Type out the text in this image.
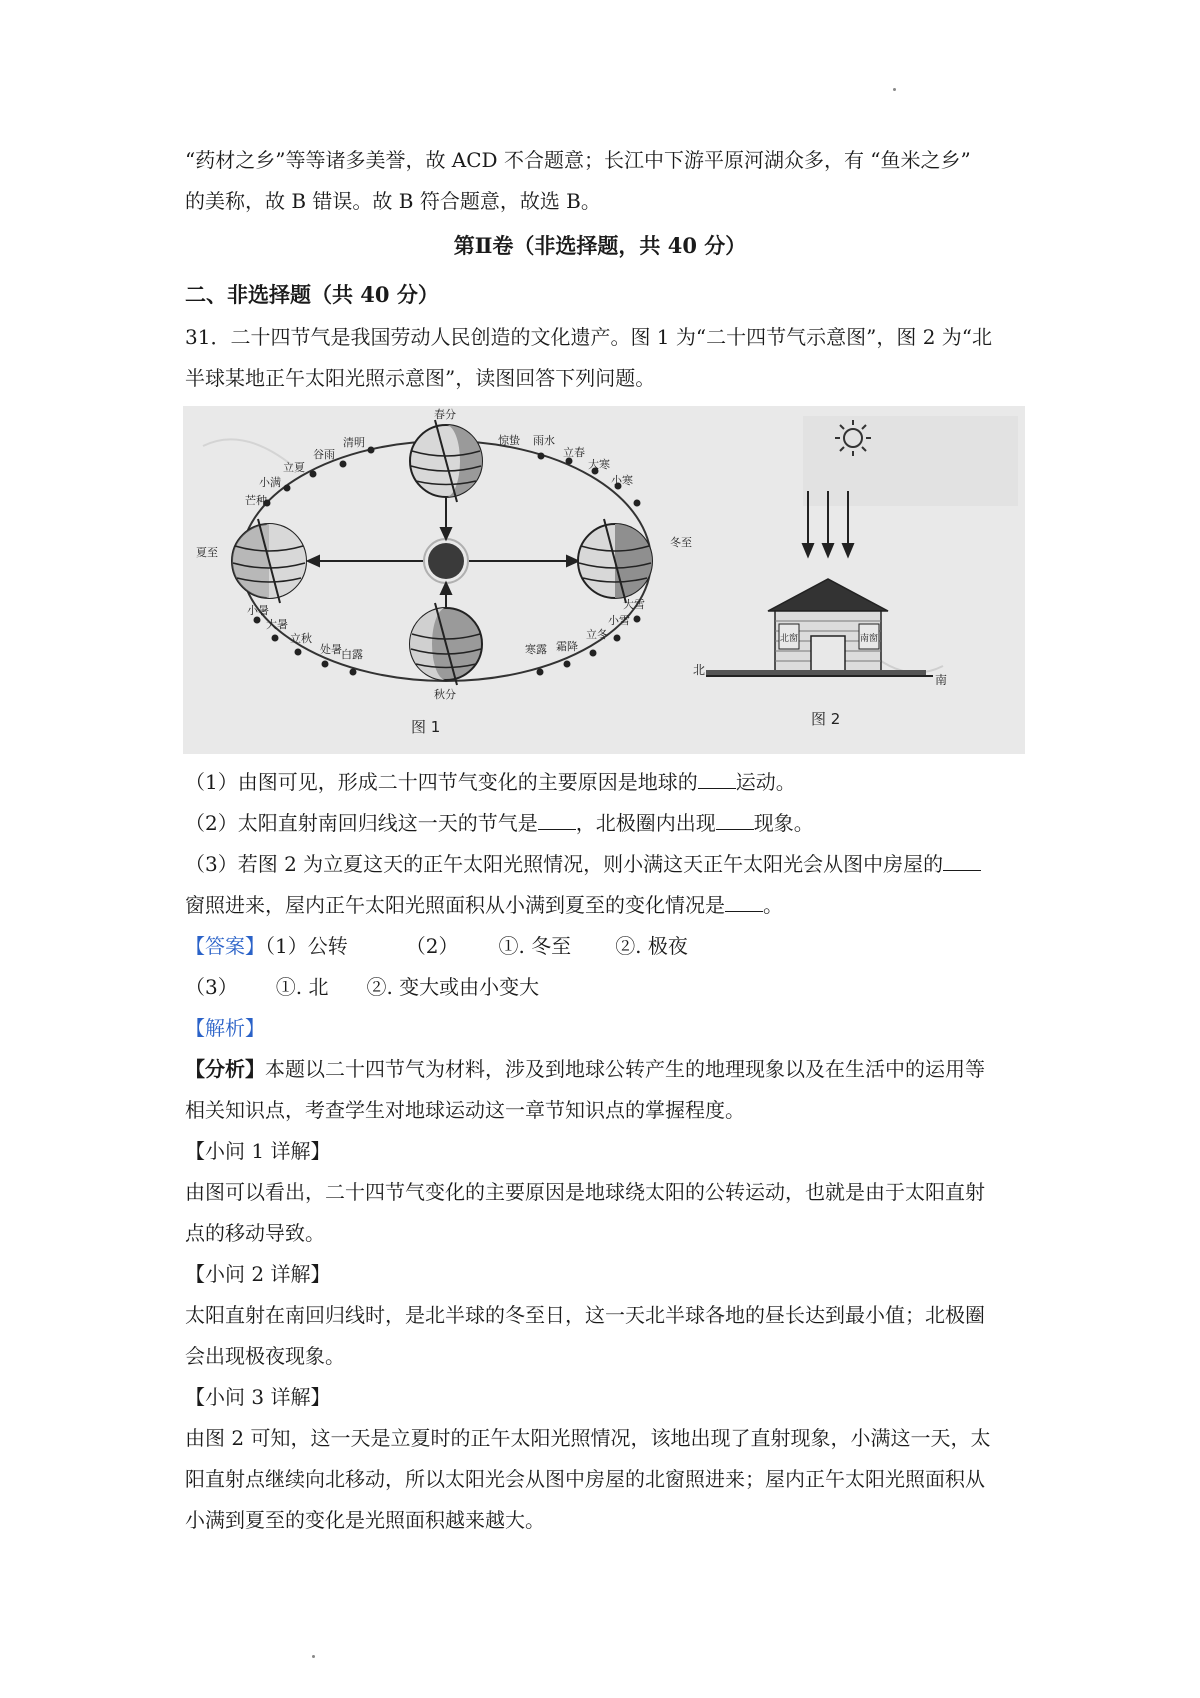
“药材之乡”等等诸多美誉，故 ACD 不合题意；长江中下游平原河湖众多，有 “鱼米之乡”
的美称，故 B 错误。故 B 符合题意，故选 B。
第Ⅱ卷（非选择题，共 40 分）
二、非选择题（共 40 分）
31．二十四节气是我国劳动人民创造的文化遗产。图 1 为“二十四节气示意图”，图 2 为“北
半球某地正午太阳光照示意图”，读图回答下列问题。
春分
惊蛰 雨水
立春
大寒
小寒
冬至
大雪
小雪
立冬
霜降
寒露
秋分
白露
处暑
立秋
大暑
小暑
夏至
芒种
小满
立夏
谷雨
清明
图 1
北窗	南窗
北
南
图 2
（1）由图可见，形成二十四节气变化的主要原因是地球的 运动。
（2）太阳直射南回归线这一天的节气是 ，北极圈内出现 现象。
（3）若图 2 为立夏这天的正午太阳光照情况，则小满这天正午太阳光会从图中房屋的
窗照进来，屋内正午太阳光照面积从小满到夏至的变化情况是 。
【答案】（1）公转	（2） ①. 冬至 ②. 极夜
（3） ①. 北 ②. 变大或由小变大
【解析】
【分析】本题以二十四节气为材料，涉及到地球公转产生的地理现象以及在生活中的运用等
相关知识点，考查学生对地球运动这一章节知识点的掌握程度。
【小问 1 详解】
由图可以看出，二十四节气变化的主要原因是地球绕太阳的公转运动，也就是由于太阳直射
点的移动导致。
【小问 2 详解】
太阳直射在南回归线时，是北半球的冬至日，这一天北半球各地的昼长达到最小值；北极圈
会出现极夜现象。
【小问 3 详解】
由图 2 可知，这一天是立夏时的正午太阳光照情况，该地出现了直射现象，小满这一天，太
阳直射点继续向北移动，所以太阳光会从图中房屋的北窗照进来；屋内正午太阳光照面积从
小满到夏至的变化是光照面积越来越大。
